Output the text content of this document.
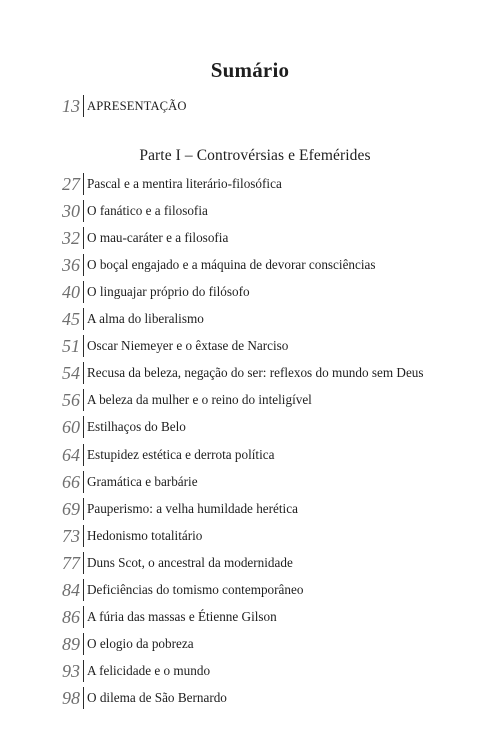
Sumário
13 APRESENTAÇÃO
Parte I – Controvérsias e Efemérides
27 Pascal e a mentira literário-filosófica
30 O fanático e a filosofia
32 O mau-caráter e a filosofia
36 O boçal engajado e a máquina de devorar consciências
40 O linguajar próprio do filósofo
45 A alma do liberalismo
51 Oscar Niemeyer e o êxtase de Narciso
54 Recusa da beleza, negação do ser: reflexos do mundo sem Deus
56 A beleza da mulher e o reino do inteligível
60 Estilhaços do Belo
64 Estupidez estética e derrota política
66 Gramática e barbárie
69 Pauperismo: a velha humildade herética
73 Hedonismo totalitário
77 Duns Scot, o ancestral da modernidade
84 Deficiências do tomismo contemporâneo
86 A fúria das massas e Étienne Gilson
89 O elogio da pobreza
93 A felicidade e o mundo
98 O dilema de São Bernardo
